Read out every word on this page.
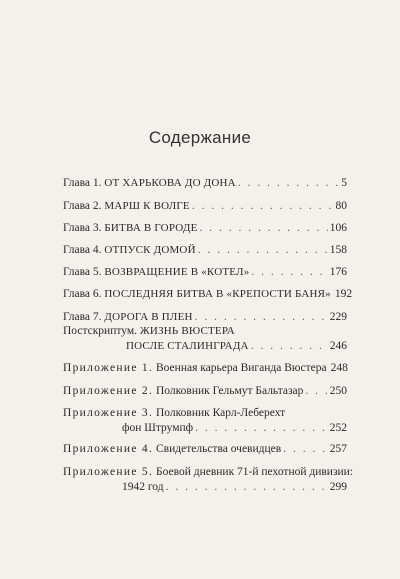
Содержание
Глава 1. ОТ ХАРЬКОВА ДО ДОНА . . .	5
Глава 2. МАРШ К ВОЛГЕ . . .	80
Глава 3. БИТВА В ГОРОДЕ . . .	106
Глава 4. ОТПУСК ДОМОЙ . . .	158
Глава 5. ВОЗВРАЩЕНИЕ В «КОТЕЛ» . . .	176
Глава 6. ПОСЛЕДНЯЯ БИТВА В «КРЕПОСТИ БАНЯ» 192
Глава 7. ДОРОГА В ПЛЕН . . .	229
Постскриптум. ЖИЗНЬ ВЮСТЕРА
ПОСЛЕ СТАЛИНГРАДА . . .	246
Приложение 1. Военная карьера Виганда Вюстера 248
Приложение 2. Полковник Гельмут Бальтазар . . . 250
Приложение 3. Полковник Карл-Леберехт
фон Штрумпф . . .	252
Приложение 4. Свидетельства очевидцев . . .	257
Приложение 5. Боевой дневник 71-й пехотной дивизии:
1942 год . . .	299
